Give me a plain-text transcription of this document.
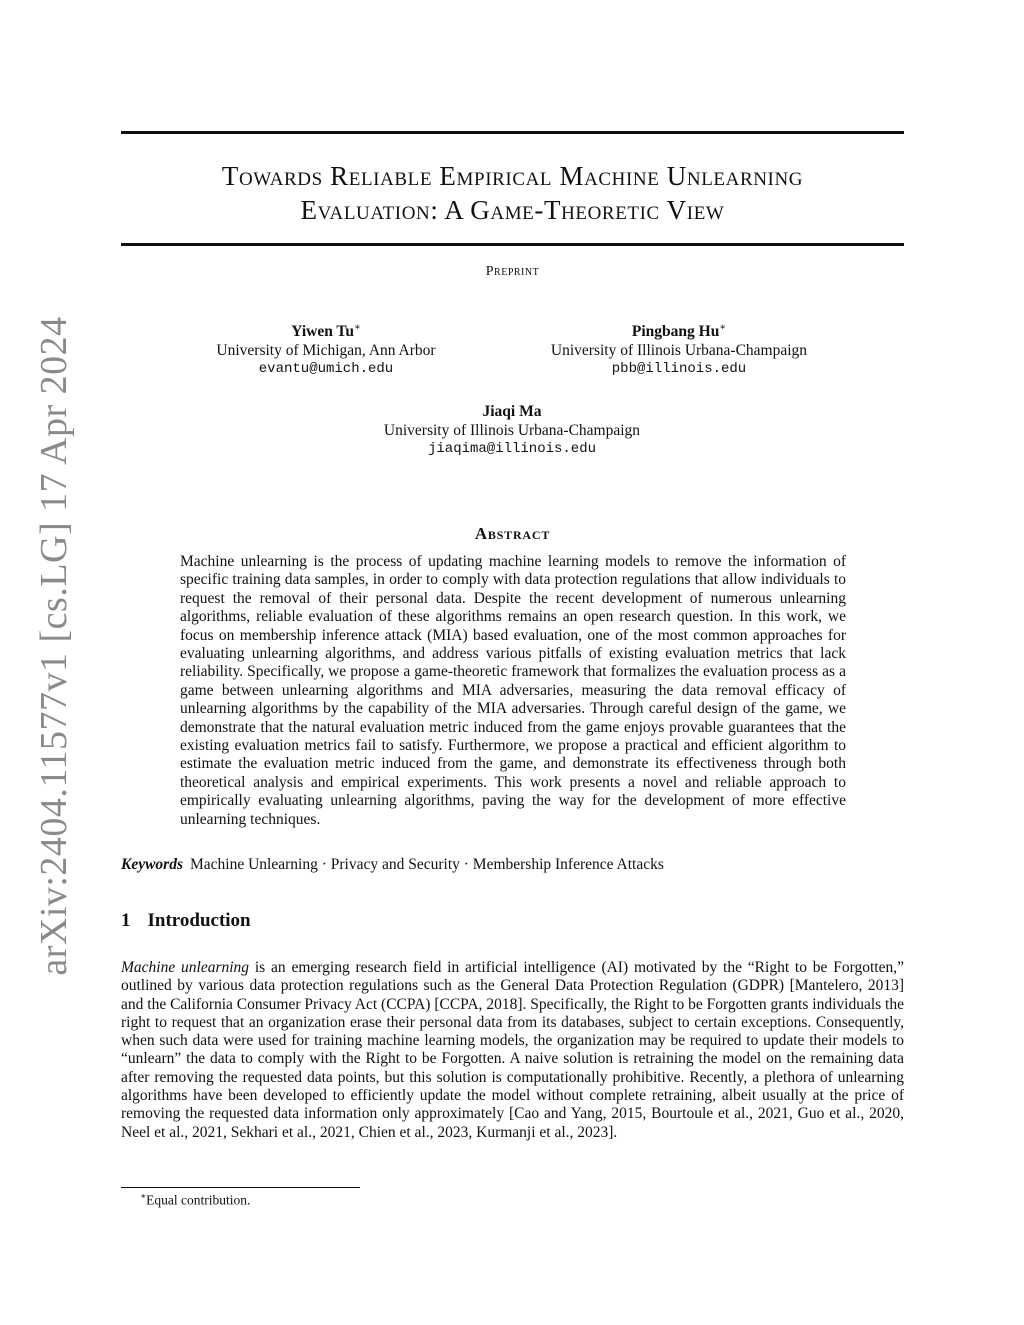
arXiv:2404.11577v1 [cs.LG] 17 Apr 2024
Towards Reliable Empirical Machine Unlearning
Evaluation: A Game-Theoretic View
Preprint
Yiwen Tu∗
University of Michigan, Ann Arbor
evantu@umich.edu
Pingbang Hu∗
University of Illinois Urbana-Champaign
pbb@illinois.edu
Jiaqi Ma
University of Illinois Urbana-Champaign
jiaqima@illinois.edu
Abstract
Machine unlearning is the process of updating machine learning models to remove the information of specific training data samples, in order to comply with data protection regulations that allow individuals to request the removal of their personal data. Despite the recent development of numerous unlearning algorithms, reliable evaluation of these algorithms remains an open research question. In this work, we focus on membership inference attack (MIA) based evaluation, one of the most common approaches for evaluating unlearning algorithms, and address various pitfalls of existing evaluation metrics that lack reliability. Specifically, we propose a game-theoretic framework that formalizes the evaluation process as a game between unlearning algorithms and MIA adversaries, measuring the data removal efficacy of unlearning algorithms by the capability of the MIA adversaries. Through careful design of the game, we demonstrate that the natural evaluation metric induced from the game enjoys provable guarantees that the existing evaluation metrics fail to satisfy. Furthermore, we propose a practical and efficient algorithm to estimate the evaluation metric induced from the game, and demonstrate its effectiveness through both theoretical analysis and empirical experiments. This work presents a novel and reliable approach to empirically evaluating unlearning algorithms, paving the way for the development of more effective unlearning techniques.
Keywords Machine Unlearning · Privacy and Security · Membership Inference Attacks
1 Introduction
Machine unlearning is an emerging research field in artificial intelligence (AI) motivated by the “Right to be Forgotten,” outlined by various data protection regulations such as the General Data Protection Regulation (GDPR) [Mantelero, 2013] and the California Consumer Privacy Act (CCPA) [CCPA, 2018]. Specifically, the Right to be Forgotten grants individuals the right to request that an organization erase their personal data from its databases, subject to certain exceptions. Consequently, when such data were used for training machine learning models, the organization may be required to update their models to “unlearn” the data to comply with the Right to be Forgotten. A naive solution is retraining the model on the remaining data after removing the requested data points, but this solution is computationally prohibitive. Recently, a plethora of unlearning algorithms have been developed to efficiently update the model without complete retraining, albeit usually at the price of removing the requested data information only approximately [Cao and Yang, 2015, Bourtoule et al., 2021, Guo et al., 2020, Neel et al., 2021, Sekhari et al., 2021, Chien et al., 2023, Kurmanji et al., 2023].
∗Equal contribution.
